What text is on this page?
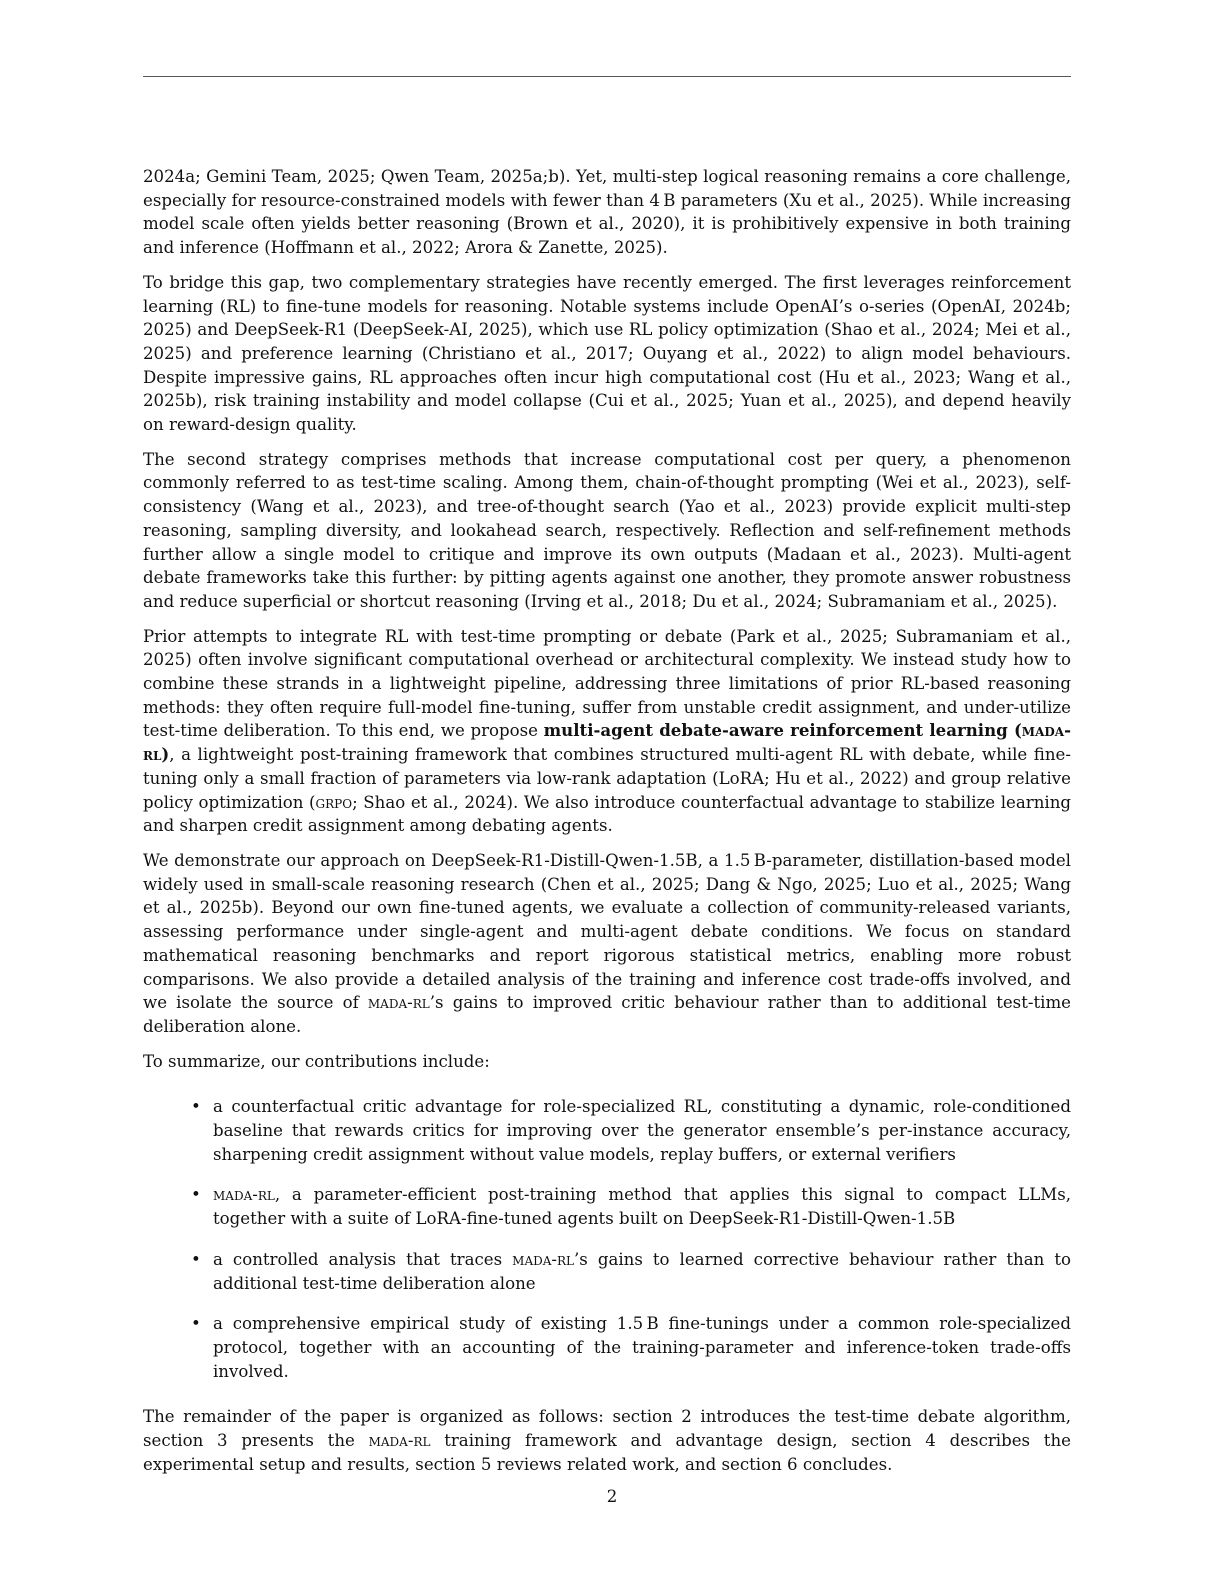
2024a; Gemini Team, 2025; Qwen Team, 2025a;b). Yet, multi-step logical reasoning remains a core challenge, especially for resource-constrained models with fewer than 4 B parameters (Xu et al., 2025). While increasing model scale often yields better reasoning (Brown et al., 2020), it is prohibitively expensive in both training and inference (Hoffmann et al., 2022; Arora & Zanette, 2025).

To bridge this gap, two complementary strategies have recently emerged. The first leverages reinforcement learning (RL) to fine-tune models for reasoning. Notable systems include OpenAI’s o-series (OpenAI, 2024b; 2025) and DeepSeek-R1 (DeepSeek-AI, 2025), which use RL policy optimization (Shao et al., 2024; Mei et al., 2025) and preference learning (Christiano et al., 2017; Ouyang et al., 2022) to align model behaviours. Despite impressive gains, RL approaches often incur high computational cost (Hu et al., 2023; Wang et al., 2025b), risk training instability and model collapse (Cui et al., 2025; Yuan et al., 2025), and depend heavily on reward-design quality.

The second strategy comprises methods that increase computational cost per query, a phenomenon commonly referred to as test-time scaling. Among them, chain-of-thought prompting (Wei et al., 2023), self-consistency (Wang et al., 2023), and tree-of-thought search (Yao et al., 2023) provide explicit multi-step reasoning, sampling diversity, and lookahead search, respectively. Reflection and self-refinement methods further allow a single model to critique and improve its own outputs (Madaan et al., 2023). Multi-agent debate frameworks take this further: by pitting agents against one another, they promote answer robustness and reduce superficial or shortcut reasoning (Irving et al., 2018; Du et al., 2024; Subramaniam et al., 2025).

Prior attempts to integrate RL with test-time prompting or debate (Park et al., 2025; Subramaniam et al., 2025) often involve significant computational overhead or architectural complexity. We instead study how to combine these strands in a lightweight pipeline, addressing three limitations of prior RL-based reasoning methods: they often require full-model fine-tuning, suffer from unstable credit assignment, and under-utilize test-time deliberation. To this end, we propose multi-agent debate-aware reinforcement learning (mada-rl), a lightweight post-training framework that combines structured multi-agent RL with debate, while fine-tuning only a small fraction of parameters via low-rank adaptation (LoRA; Hu et al., 2022) and group relative policy optimization (grpo; Shao et al., 2024). We also introduce counterfactual advantage to stabilize learning and sharpen credit assignment among debating agents.

We demonstrate our approach on DeepSeek-R1-Distill-Qwen-1.5B, a 1.5 B-parameter, distillation-based model widely used in small-scale reasoning research (Chen et al., 2025; Dang & Ngo, 2025; Luo et al., 2025; Wang et al., 2025b). Beyond our own fine-tuned agents, we evaluate a collection of community-released variants, assessing performance under single-agent and multi-agent debate conditions. We focus on standard mathematical reasoning benchmarks and report rigorous statistical metrics, enabling more robust comparisons. We also provide a detailed analysis of the training and inference cost trade-offs involved, and we isolate the source of mada-rl’s gains to improved critic behaviour rather than to additional test-time deliberation alone.

To summarize, our contributions include:

• a counterfactual critic advantage for role-specialized RL, constituting a dynamic, role-conditioned baseline that rewards critics for improving over the generator ensemble’s per-instance accuracy, sharpening credit assignment without value models, replay buffers, or external verifiers
• mada-rl, a parameter-efficient post-training method that applies this signal to compact LLMs, together with a suite of LoRA-fine-tuned agents built on DeepSeek-R1-Distill-Qwen-1.5B
• a controlled analysis that traces mada-rl’s gains to learned corrective behaviour rather than to additional test-time deliberation alone
• a comprehensive empirical study of existing 1.5 B fine-tunings under a common role-specialized protocol, together with an accounting of the training-parameter and inference-token trade-offs involved.

The remainder of the paper is organized as follows: section 2 introduces the test-time debate algorithm, section 3 presents the mada-rl training framework and advantage design, section 4 describes the experimental setup and results, section 5 reviews related work, and section 6 concludes.

2
